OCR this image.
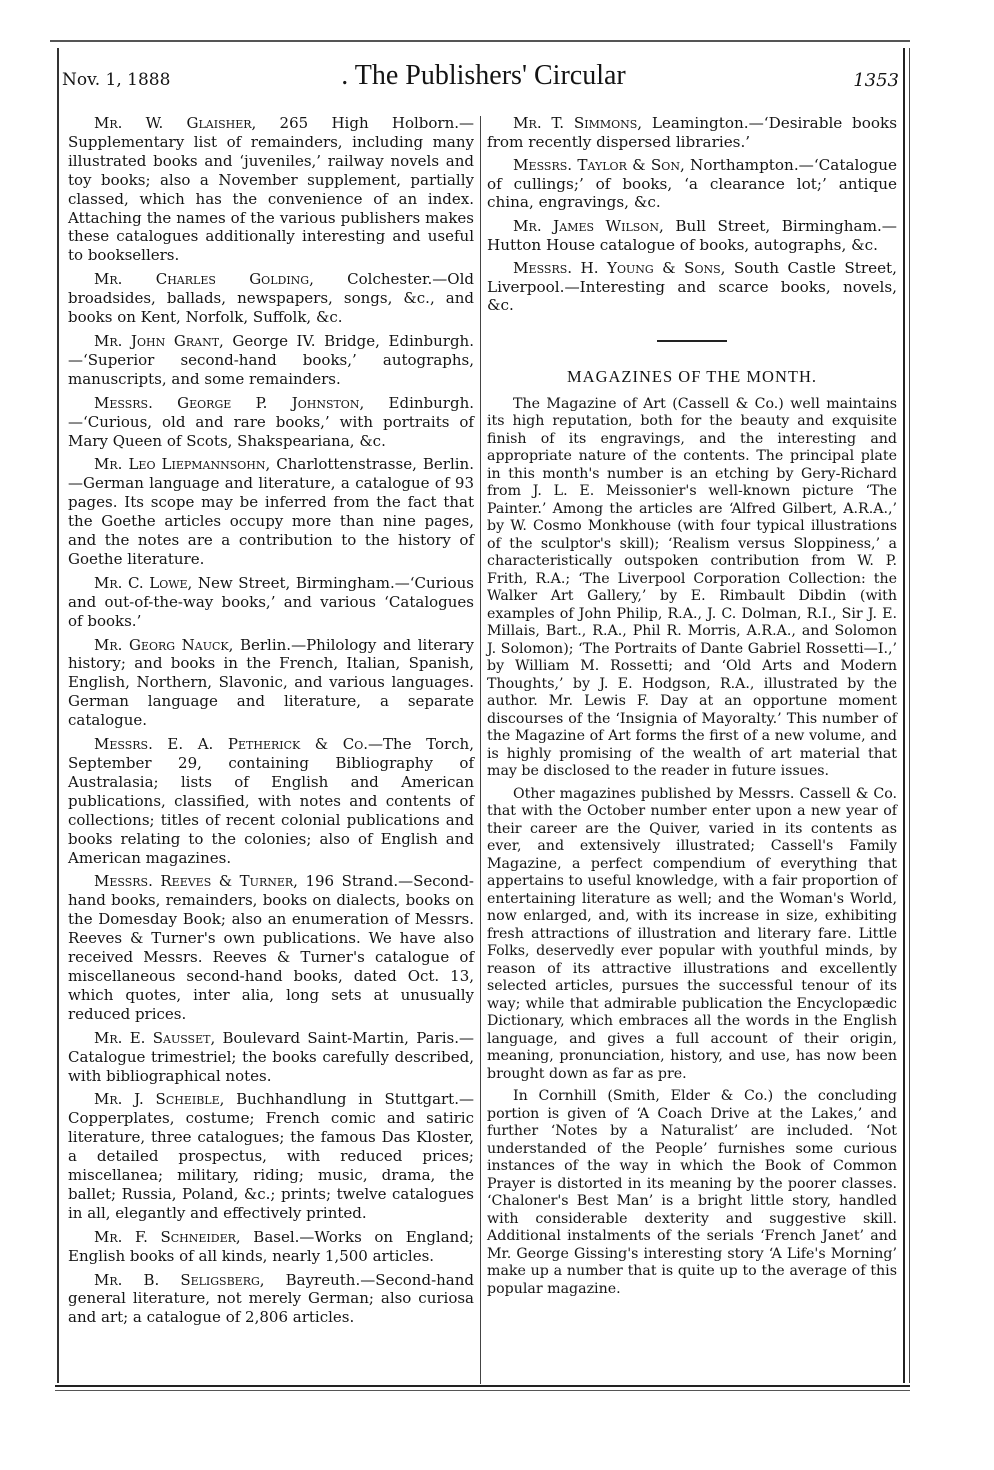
Nov. 1, 1888	. The Publishers' Circular	1353

Mr. W. Glaisher, 265 High Holborn.—Supplementary list of remainders, including many illustrated books and ‘juveniles,’ railway novels and toy books; also a November supplement, partially classed, which has the convenience of an index. Attaching the names of the various publishers makes these catalogues additionally interesting and useful to booksellers.

Mr. Charles Golding, Colchester.—Old broadsides, ballads, newspapers, songs, &c., and books on Kent, Norfolk, Suffolk, &c.

Mr. John Grant, George IV. Bridge, Edinburgh.—‘Superior second-hand books,’ autographs, manuscripts, and some remainders.

Messrs. George P. Johnston, Edinburgh.—‘Curious, old and rare books,’ with portraits of Mary Queen of Scots, Shakspeariana, &c.

Mr. Leo Liepmannsohn, Charlottenstrasse, Berlin.—German language and literature, a catalogue of 93 pages. Its scope may be inferred from the fact that the Goethe articles occupy more than nine pages, and the notes are a contribution to the history of Goethe literature.

Mr. C. Lowe, New Street, Birmingham.—‘Curious and out-of-the-way books,’ and various ‘Catalogues of books.’

Mr. Georg Nauck, Berlin.—Philology and literary history; and books in the French, Italian, Spanish, English, Northern, Slavonic, and various languages. German language and literature, a separate catalogue.

Messrs. E. A. Petherick & Co.—The Torch, September 29, containing Bibliography of Australasia; lists of English and American publications, classified, with notes and contents of collections; titles of recent colonial publications and books relating to the colonies; also of English and American magazines.

Messrs. Reeves & Turner, 196 Strand.—Second-hand books, remainders, books on dialects, books on the Domesday Book; also an enumeration of Messrs. Reeves & Turner's own publications. We have also received Messrs. Reeves & Turner's catalogue of miscellaneous second-hand books, dated Oct. 13, which quotes, inter alia, long sets at unusually reduced prices.

Mr. E. Sausset, Boulevard Saint-Martin, Paris.—Catalogue trimestriel; the books carefully described, with bibliographical notes.

Mr. J. Scheible, Buchhandlung in Stuttgart.—Copperplates, costume; French comic and satiric literature, three catalogues; the famous Das Kloster, a detailed prospectus, with reduced prices; miscellanea; military, riding; music, drama, the ballet; Russia, Poland, &c.; prints; twelve catalogues in all, elegantly and effectively printed.

Mr. F. Schneider, Basel.—Works on England; English books of all kinds, nearly 1,500 articles.

Mr. B. Seligsberg, Bayreuth.—Second-hand general literature, not merely German; also curiosa and art; a catalogue of 2,806 articles.

Mr. T. Simmons, Leamington.—‘Desirable books from recently dispersed libraries.’

Messrs. Taylor & Son, Northampton.—‘Catalogue of cullings;’ of books, ‘a clearance lot;’ antique china, engravings, &c.

Mr. James Wilson, Bull Street, Birmingham.—Hutton House catalogue of books, autographs, &c.

Messrs. H. Young & Sons, South Castle Street, Liverpool.—Interesting and scarce books, novels, &c.

MAGAZINES OF THE MONTH.

The Magazine of Art (Cassell & Co.) well maintains its high reputation, both for the beauty and exquisite finish of its engravings, and the interesting and appropriate nature of the contents. The principal plate in this month's number is an etching by Gery-Richard from J. L. E. Meissonier's well-known picture ‘The Painter.’ Among the articles are ‘Alfred Gilbert, A.R.A.,’ by W. Cosmo Monkhouse (with four typical illustrations of the sculptor's skill); ‘Realism versus Sloppiness,’ a characteristically outspoken contribution from W. P. Frith, R.A.; ‘The Liverpool Corporation Collection: the Walker Art Gallery,’ by E. Rimbault Dibdin (with examples of John Philip, R.A., J. C. Dolman, R.I., Sir J. E. Millais, Bart., R.A., Phil R. Morris, A.R.A., and Solomon J. Solomon); ‘The Portraits of Dante Gabriel Rossetti—I.,’ by William M. Rossetti; and ‘Old Arts and Modern Thoughts,’ by J. E. Hodgson, R.A., illustrated by the author. Mr. Lewis F. Day at an opportune moment discourses of the ‘Insignia of Mayoralty.’ This number of the Magazine of Art forms the first of a new volume, and is highly promising of the wealth of art material that may be disclosed to the reader in future issues.

Other magazines published by Messrs. Cassell & Co. that with the October number enter upon a new year of their career are the Quiver, varied in its contents as ever, and extensively illustrated; Cassell's Family Magazine, a perfect compendium of everything that appertains to useful knowledge, with a fair proportion of entertaining literature as well; and the Woman's World, now enlarged, and, with its increase in size, exhibiting fresh attractions of illustration and literary fare. Little Folks, deservedly ever popular with youthful minds, by reason of its attractive illustrations and excellently selected articles, pursues the successful tenour of its way; while that admirable publication the Encyclopædic Dictionary, which embraces all the words in the English language, and gives a full account of their origin, meaning, pronunciation, history, and use, has now been brought down as far as pre.

In Cornhill (Smith, Elder & Co.) the concluding portion is given of ‘A Coach Drive at the Lakes,’ and further ‘Notes by a Naturalist’ are included. ‘Not understanded of the People’ furnishes some curious instances of the way in which the Book of Common Prayer is distorted in its meaning by the poorer classes. ‘Chaloner's Best Man’ is a bright little story, handled with considerable dexterity and suggestive skill. Additional instalments of the serials ‘French Janet’ and Mr. George Gissing's interesting story ‘A Life's Morning’ make up a number that is quite up to the average of this popular magazine.
